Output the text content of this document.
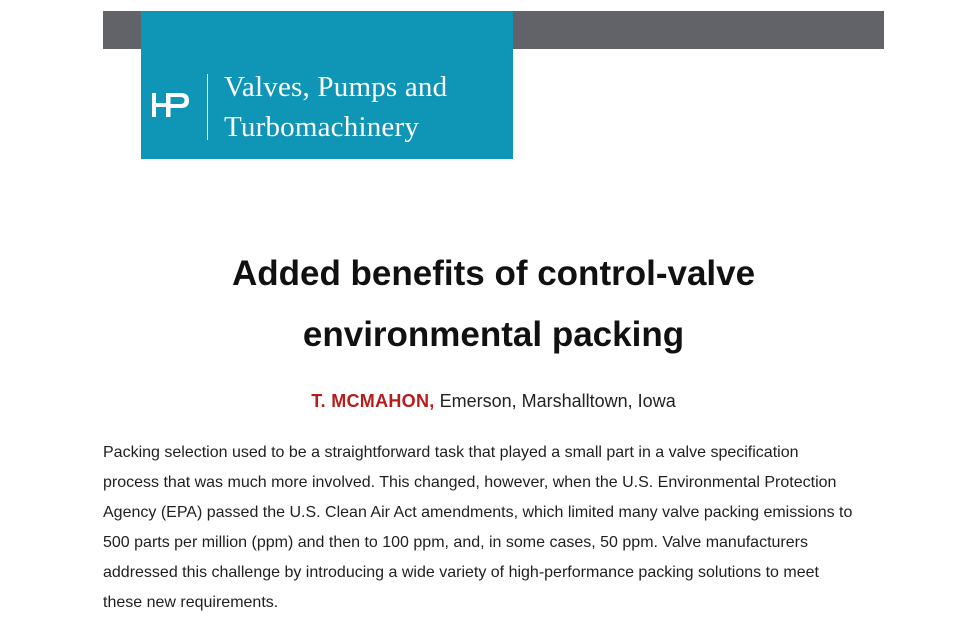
Valves, Pumps and
Turbomachinery
Added benefits of control-valve
environmental packing
T. MCMAHON, Emerson, Marshalltown, Iowa

Packing selection used to be a straightforward task that played a small part in a valve specification
process that was much more involved. This changed, however, when the U.S. Environmental Protection
Agency (EPA) passed the U.S. Clean Air Act amendments, which limited many valve packing emissions to
500 parts per million (ppm) and then to 100 ppm, and, in some cases, 50 ppm. Valve manufacturers
addressed this challenge by introducing a wide variety of high-performance packing solutions to meet
these new requirements.
